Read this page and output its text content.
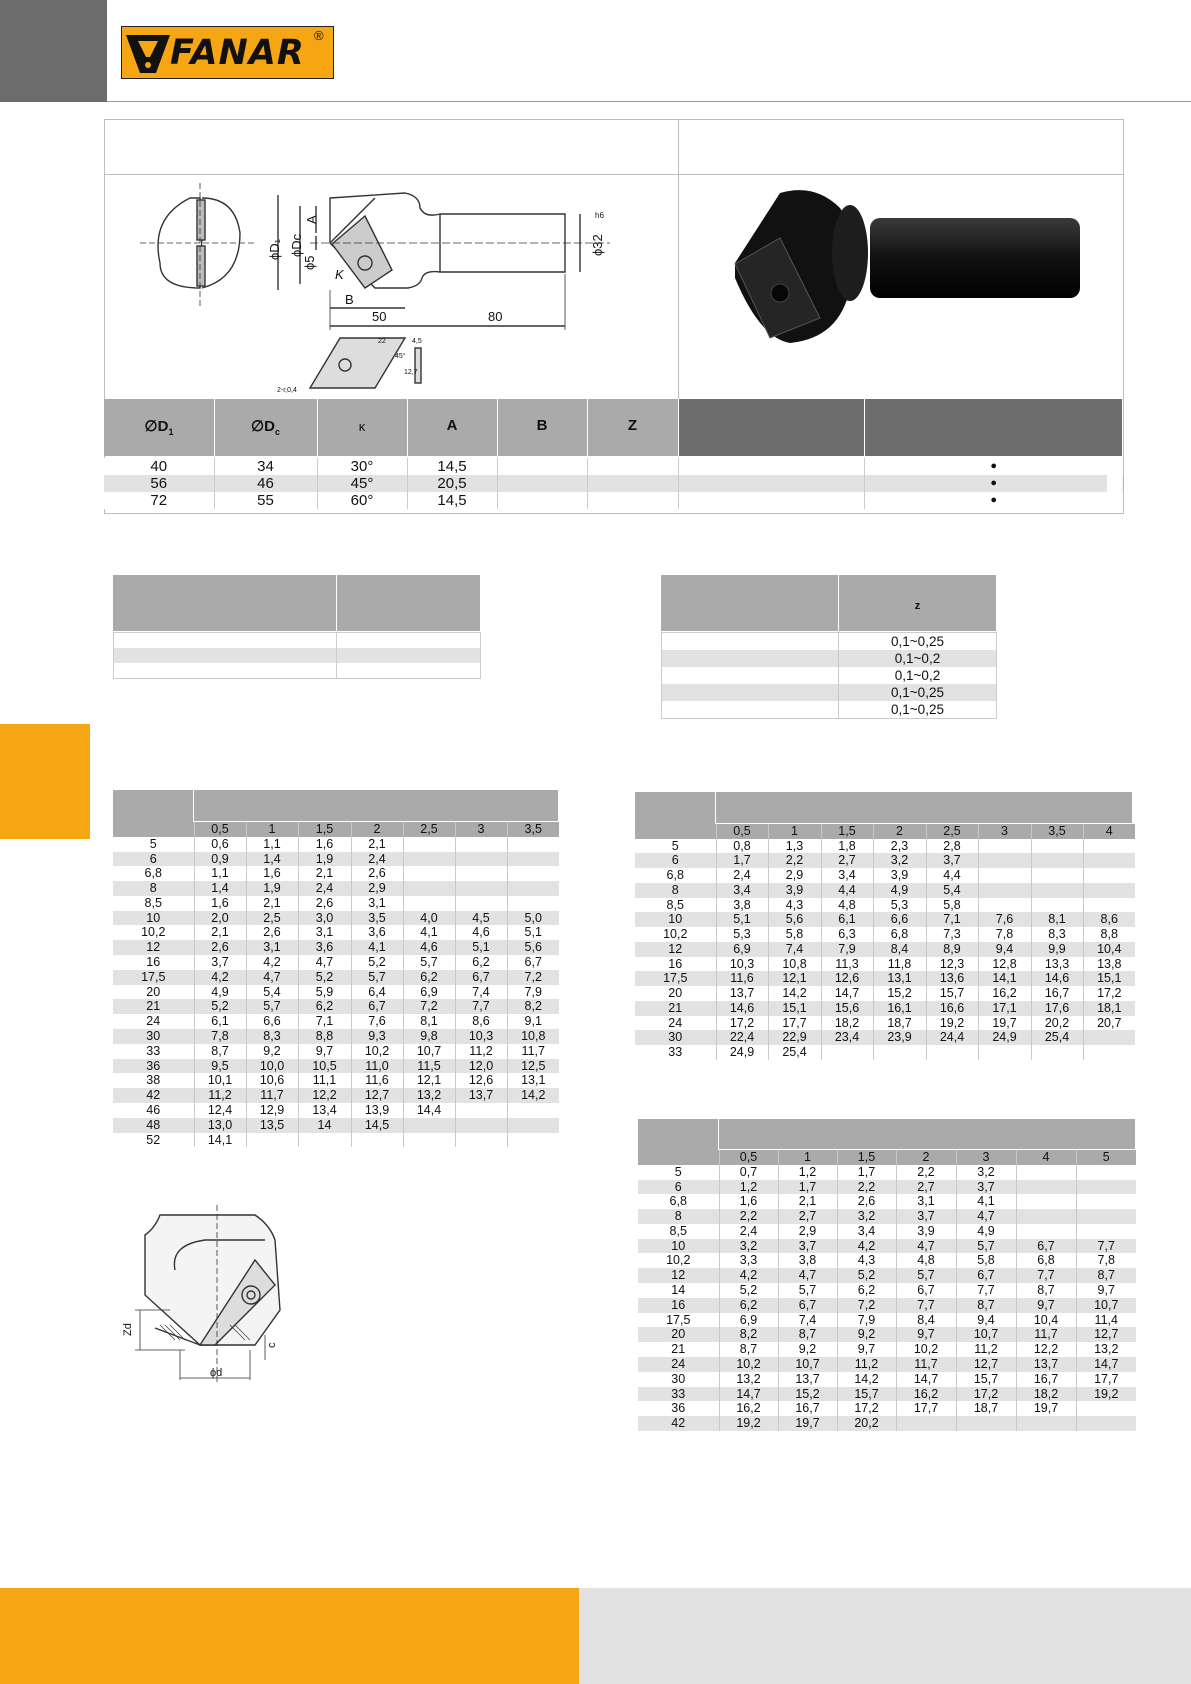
FANAR ®
ϕD₁ ϕDc
A
ϕ5
K
B
50	80
ϕ32
h6
22
45°
4,5
12,7
2-r,0,4
$\emptyset D_1$	$\emptyset D_c$	κ	A	B	Z
40	34	30°	14,5				●
56	46	45°	20,5				●
72	55	60°	14,5				●

z
	0,1~0,25
	0,1~0,2
	0,1~0,2
	0,1~0,25
	0,1~0,25
	0,5	1	1,5	2	2,5	3	3,5
5	0,6	1,1	1,6	2,1			
6	0,9	1,4	1,9	2,4			
6,8	1,1	1,6	2,1	2,6			
8	1,4	1,9	2,4	2,9			
8,5	1,6	2,1	2,6	3,1			
10	2,0	2,5	3,0	3,5	4,0	4,5	5,0
10,2	2,1	2,6	3,1	3,6	4,1	4,6	5,1
12	2,6	3,1	3,6	4,1	4,6	5,1	5,6
16	3,7	4,2	4,7	5,2	5,7	6,2	6,7
17,5	4,2	4,7	5,2	5,7	6,2	6,7	7,2
20	4,9	5,4	5,9	6,4	6,9	7,4	7,9
21	5,2	5,7	6,2	6,7	7,2	7,7	8,2
24	6,1	6,6	7,1	7,6	8,1	8,6	9,1
30	7,8	8,3	8,8	9,3	9,8	10,3	10,8
33	8,7	9,2	9,7	10,2	10,7	11,2	11,7
36	9,5	10,0	10,5	11,0	11,5	12,0	12,5
38	10,1	10,6	11,1	11,6	12,1	12,6	13,1
42	11,2	11,7	12,2	12,7	13,2	13,7	14,2
46	12,4	12,9	13,4	13,9	14,4		
48	13,0	13,5	14	14,5			
52	14,1						
	0,5	1	1,5	2	2,5	3	3,5	4
5	0,8	1,3	1,8	2,3	2,8			
6	1,7	2,2	2,7	3,2	3,7			
6,8	2,4	2,9	3,4	3,9	4,4			
8	3,4	3,9	4,4	4,9	5,4			
8,5	3,8	4,3	4,8	5,3	5,8			
10	5,1	5,6	6,1	6,6	7,1	7,6	8,1	8,6
10,2	5,3	5,8	6,3	6,8	7,3	7,8	8,3	8,8
12	6,9	7,4	7,9	8,4	8,9	9,4	9,9	10,4
16	10,3	10,8	11,3	11,8	12,3	12,8	13,3	13,8
17,5	11,6	12,1	12,6	13,1	13,6	14,1	14,6	15,1
20	13,7	14,2	14,7	15,2	15,7	16,2	16,7	17,2
21	14,6	15,1	15,6	16,1	16,6	17,1	17,6	18,1
24	17,2	17,7	18,2	18,7	19,2	19,7	20,2	20,7
30	22,4	22,9	23,4	23,9	24,4	24,9	25,4	
33	24,9	25,4						
Zd
c
ϕd
	0,5	1	1,5	2	3	4	5
5	0,7	1,2	1,7	2,2	3,2		
6	1,2	1,7	2,2	2,7	3,7		
6,8	1,6	2,1	2,6	3,1	4,1		
8	2,2	2,7	3,2	3,7	4,7		
8,5	2,4	2,9	3,4	3,9	4,9		
10	3,2	3,7	4,2	4,7	5,7	6,7	7,7
10,2	3,3	3,8	4,3	4,8	5,8	6,8	7,8
12	4,2	4,7	5,2	5,7	6,7	7,7	8,7
14	5,2	5,7	6,2	6,7	7,7	8,7	9,7
16	6,2	6,7	7,2	7,7	8,7	9,7	10,7
17,5	6,9	7,4	7,9	8,4	9,4	10,4	11,4
20	8,2	8,7	9,2	9,7	10,7	11,7	12,7
21	8,7	9,2	9,7	10,2	11,2	12,2	13,2
24	10,2	10,7	11,2	11,7	12,7	13,7	14,7
30	13,2	13,7	14,2	14,7	15,7	16,7	17,7
33	14,7	15,2	15,7	16,2	17,2	18,2	19,2
36	16,2	16,7	17,2	17,7	18,7	19,7	
42	19,2	19,7	20,2				
